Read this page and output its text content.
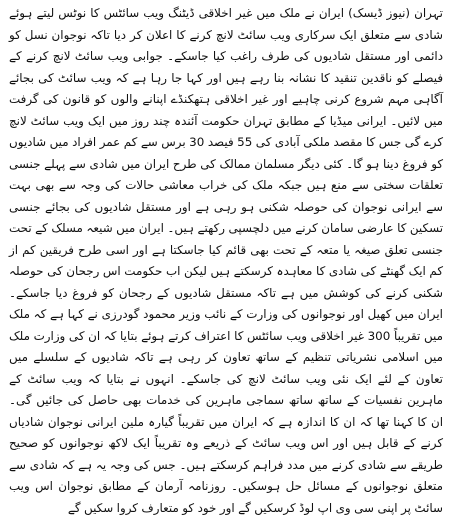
تہران (نیوز ڈیسک) ایران نے ملک میں غیر اخلاقی ڈیٹنگ ویب سائٹس کا نوٹس لیتے ہوئے شادی سے متعلق ایک سرکاری ویب سائٹ لانچ کرنے کا اعلان کر دیا تاکہ نوجوان نسل کو دائمی اور مستقل شادیوں کی طرف راغب کیا جاسکے۔ جوابی ویب سائٹ لانچ کرنے کے فیصلے کو ناقدین تنقید کا نشانہ بنا رہے ہیں اور کہا جا رہا ہے کہ ویب سائٹ کی بجائے آگاہی مہم شروع کرنی چاہیے اور غیر اخلاقی ہتھکنڈے اپنانے والوں کو قانون کی گرفت میں لائیں۔ ایرانی میڈیا کے مطابق تہران حکومت آئندہ چند روز میں ایک ویب سائٹ لانچ کرے گی جس کا مقصد ملکی آبادی کی 55 فیصد 30 برس سے کم عمر افراد میں شادیوں کو فروغ دینا ہو گا۔ کئی دیگر مسلمان ممالک کی طرح ایران میں شادی سے پہلے جنسی تعلقات سختی سے منع ہیں جبکہ ملک کی خراب معاشی حالات کی وجہ سے بھی بہت سے ایرانی نوجوان کی حوصلہ شکنی ہو رہی ہے اور مستقل شادیوں کی بجائے جنسی تسکین کا عارضی سامان کرنے میں دلچسپی رکھتے ہیں۔ ایران میں شیعہ مسلک کے تحت جنسی تعلق صیغہ یا متعہ کے تحت بھی قائم کیا جاسکتا ہے اور اسی طرح فریقین کم از کم ایک گھنٹے کی شادی کا معاہدہ کرسکتے ہیں لیکن اب حکومت اس رجحان کی حوصلہ شکنی کرنے کی کوشش میں ہے تاکہ مستقل شادیوں کے رجحان کو فروغ دیا جاسکے۔ ایران میں کھیل اور نوجوانوں کی وزارت کے نائب وزیر محمود گودرزی نے کہا ہے کہ ملک میں تقریباً 300 غیر اخلاقی ویب سائٹس کا اعتراف کرتے ہوئے بتایا کہ ان کی وزارت ملک میں اسلامی نشریاتی تنظیم کے ساتھ تعاون کر رہی ہے تاکہ شادیوں کے سلسلے میں تعاون کے لئے ایک نئی ویب سائٹ لانچ کی جاسکے۔ انہوں نے بتایا کہ ویب سائٹ کے ماہرین نفسیات کے ساتھ ساتھ سماجی ماہرین کی خدمات بھی حاصل کی جائیں گی۔ ان کا کہنا تھا کہ ان کا اندازہ ہے کہ ایران میں تقریباً گیارہ ملین ایرانی نوجوان شادیاں کرنے کے قابل ہیں اور اس ویب سائٹ کے ذریعے وہ تقریباً ایک لاکھ نوجوانوں کو صحیح طریقے سے شادی کرنے میں مدد فراہم کرسکتے ہیں۔ جس کی وجہ یہ ہے کہ شادی سے متعلق نوجوانوں کے مسائل حل ہوسکیں۔ روزنامہ آرمان کے مطابق نوجوان اس ویب سائٹ پر اپنی سی وی اپ لوڈ کرسکیں گے اور خود کو متعارف کروا سکیں گے
